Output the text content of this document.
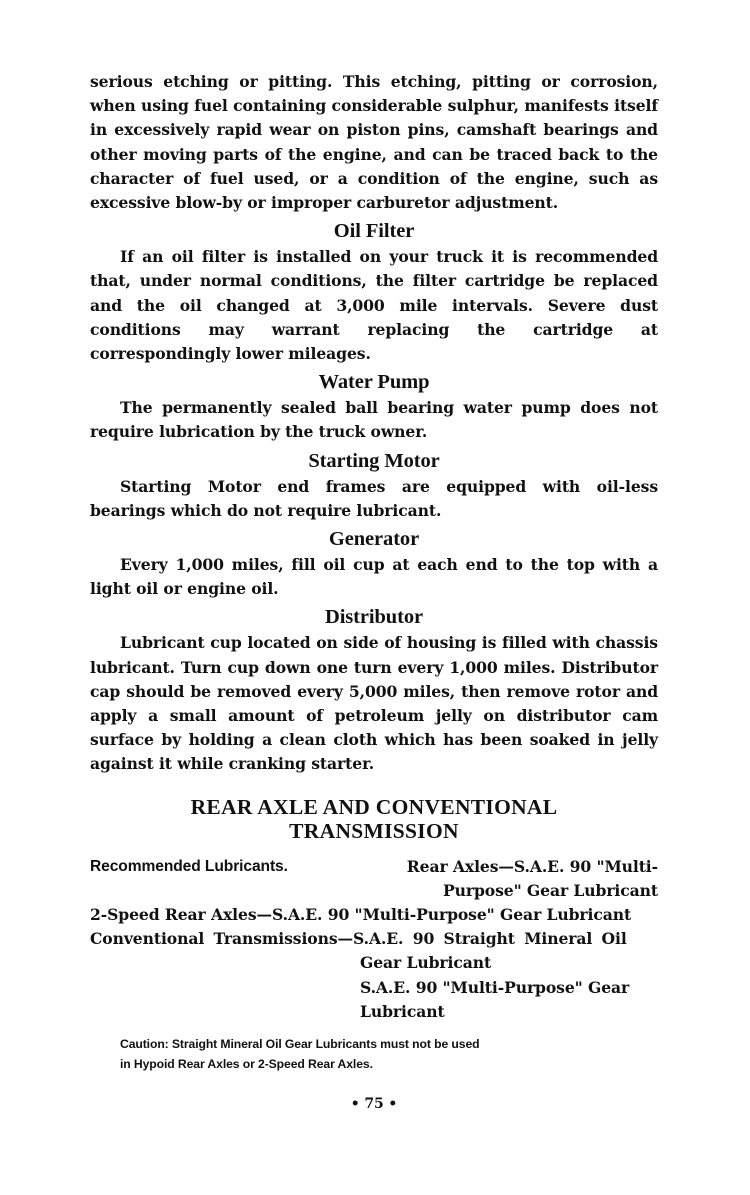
serious etching or pitting. This etching, pitting or corrosion, when using fuel containing considerable sulphur, manifests itself in excessively rapid wear on piston pins, camshaft bearings and other moving parts of the engine, and can be traced back to the character of fuel used, or a condition of the engine, such as excessive blow-by or improper carburetor adjustment.

Oil Filter

If an oil filter is installed on your truck it is recommended that, under normal conditions, the filter cartridge be replaced and the oil changed at 3,000 mile intervals. Severe dust conditions may warrant replacing the cartridge at correspondingly lower mileages.

Water Pump

The permanently sealed ball bearing water pump does not require lubrication by the truck owner.

Starting Motor

Starting Motor end frames are equipped with oil-less bearings which do not require lubricant.

Generator

Every 1,000 miles, fill oil cup at each end to the top with a light oil or engine oil.

Distributor

Lubricant cup located on side of housing is filled with chassis lubricant. Turn cup down one turn every 1,000 miles. Distributor cap should be removed every 5,000 miles, then remove rotor and apply a small amount of petroleum jelly on distributor cam surface by holding a clean cloth which has been soaked in jelly against it while cranking starter.

REAR AXLE AND CONVENTIONAL
TRANSMISSION
Recommended Lubricants.	Rear Axles—S.A.E. 90 "Multi-
Purpose" Gear Lubricant
2-Speed Rear Axles—S.A.E. 90 "Multi-Purpose" Gear Lubricant
Conventional Transmissions—S.A.E. 90 Straight Mineral Oil
Gear Lubricant
S.A.E. 90 "Multi-Purpose" Gear
Lubricant
Caution: Straight Mineral Oil Gear Lubricants must not be used
in Hypoid Rear Axles or 2-Speed Rear Axles.
• 75 •
